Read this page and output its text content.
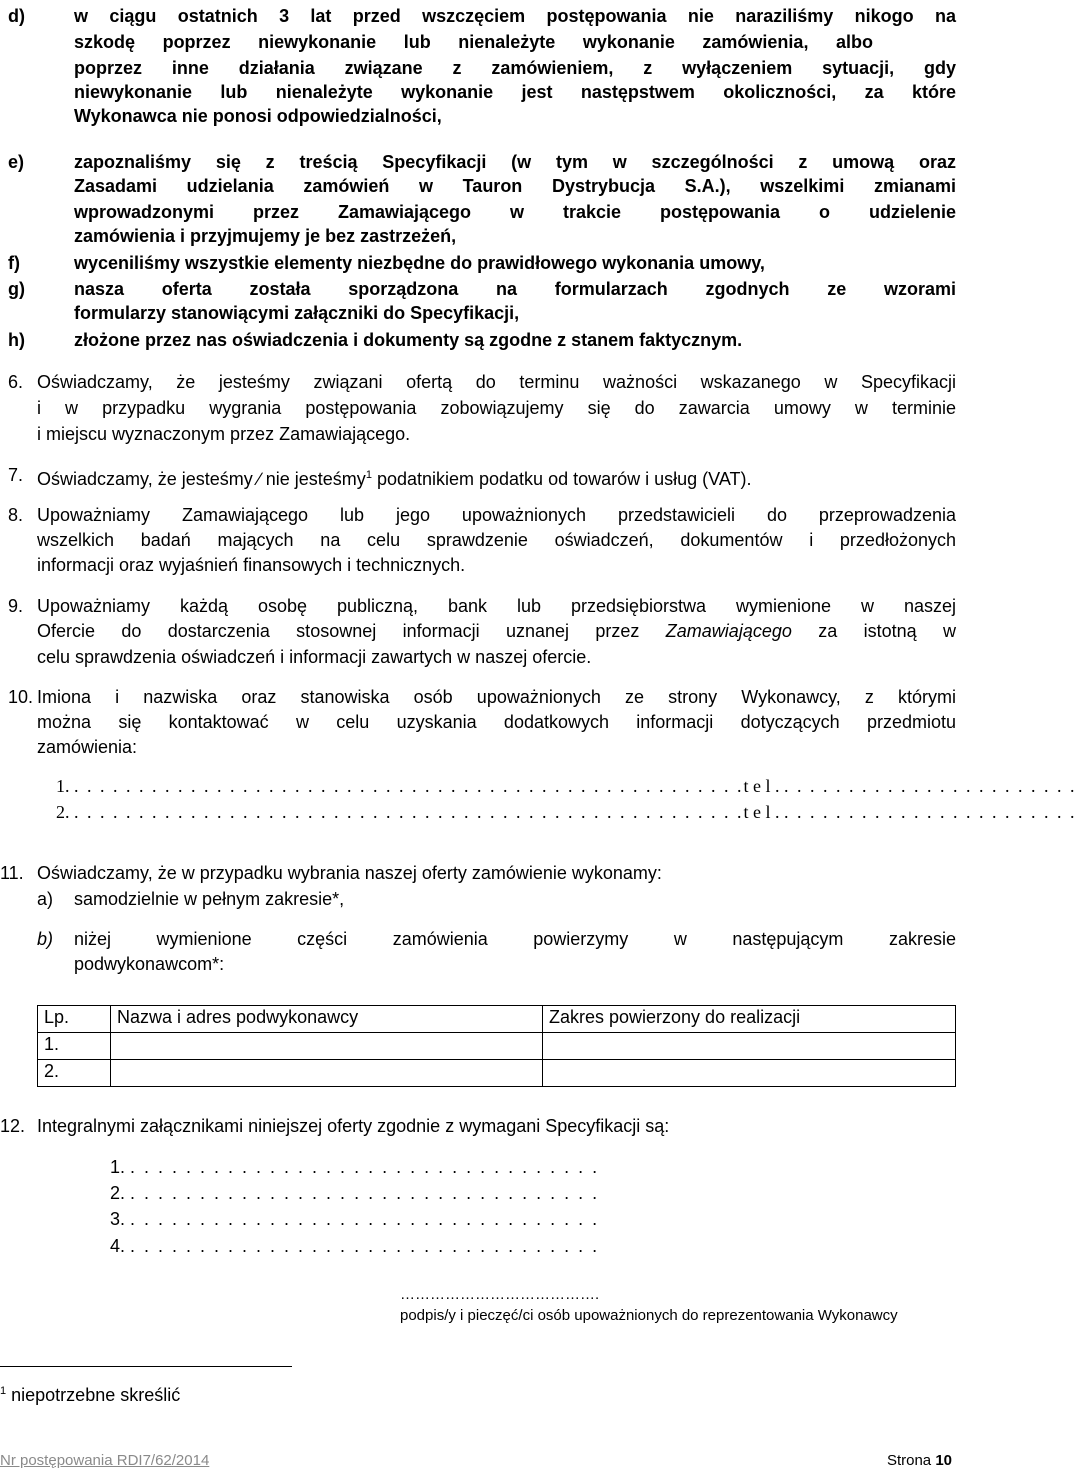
d)	w ciągu ostatnich 3 lat przed wszczęciem postępowania nie naraziliśmy nikogo na
szkodę poprzez niewykonanie lub nienależyte wykonanie zamówienia, albo
poprzez inne działania związane z zamówieniem, z wyłączeniem sytuacji, gdy
niewykonanie lub nienależyte wykonanie jest następstwem okoliczności, za które
Wykonawca nie ponosi odpowiedzialności,
e)	zapoznaliśmy się z treścią Specyfikacji (w tym w szczególności z umową oraz
Zasadami udzielania zamówień w Tauron Dystrybucja S.A.), wszelkimi zmianami
wprowadzonymi przez Zamawiającego w trakcie postępowania o udzielenie
zamówienia i przyjmujemy je bez zastrzeżeń,
f)	wyceniliśmy wszystkie elementy niezbędne do prawidłowego wykonania umowy,
g)	nasza oferta została sporządzona na formularzach zgodnych ze wzorami
formularzy stanowiącymi załączniki do Specyfikacji,
h)	złożone przez nas oświadczenia i dokumenty są zgodne z stanem faktycznym.
6. Oświadczamy, że jesteśmy związani ofertą do terminu ważności wskazanego w Specyfikacji
i w przypadku wygrania postępowania zobowiązujemy się do zawarcia umowy w terminie
i miejscu wyznaczonym przez Zamawiającego.
7. Oświadczamy, że jesteśmy ∕ nie jesteśmy$^1$ podatnikiem podatku od towarów i usług (VAT).
8. Upoważniamy Zamawiającego lub jego upoważnionych przedstawicieli do przeprowadzenia
wszelkich badań mających na celu sprawdzenie oświadczeń, dokumentów i przedłożonych
informacji oraz wyjaśnień finansowych i technicznych.
9. Upoważniamy każdą osobę publiczną, bank lub przedsiębiorstwa wymienione w naszej
Ofercie do dostarczenia stosownej informacji uznanej przez Zamawiającego za istotną w
celu sprawdzenia oświadczeń i informacji zawartych w naszej ofercie.
10. Imiona i nazwiska oraz stanowiska osób upoważnionych ze strony Wykonawcy, z którymi
można się kontaktować w celu uzyskania dodatkowych informacji dotyczących przedmiotu
zamówienia:
1. . . . . . . . . . . . . . . . . . . . . . . . . . . . . . . . . . . . . . . . . . . . . . . . . . . . .t e l . . . . . . . . . . . . . . . . . . . . . . . .
2. . . . . . . . . . . . . . . . . . . . . . . . . . . . . . . . . . . . . . . . . . . . . . . . . . . . .t e l . . . . . . . . . . . . . . . . . . . . . . . .
11. Oświadczamy, że w przypadku wybrania naszej oferty zamówienie wykonamy:
a) samodzielnie w pełnym zakresie*,
b) niżej wymienione części zamówienia powierzymy w następującym zakresie
podwykonawcom*:
Lp.	Nazwa i adres podwykonawcy	Zakres powierzony do realizacji
1.		
2.		
12. Integralnymi załącznikami niniejszej oferty zgodnie z wymagani Specyfikacji są:
1. . . . . . . . . . . . . . . . . . . . . . . . . . . . . . . . . . .
2. . . . . . . . . . . . . . . . . . . . . . . . . . . . . . . . . . .
3. . . . . . . . . . . . . . . . . . . . . . . . . . . . . . . . . . .
4. . . . . . . . . . . . . . . . . . . . . . . . . . . . . . . . . . .
………………………………….
podpis/y i pieczęć/ci osób upoważnionych do reprezentowania Wykonawcy
$^1$ niepotrzebne skreślić
Nr postępowania RDI7/62/2014	Strona 10
